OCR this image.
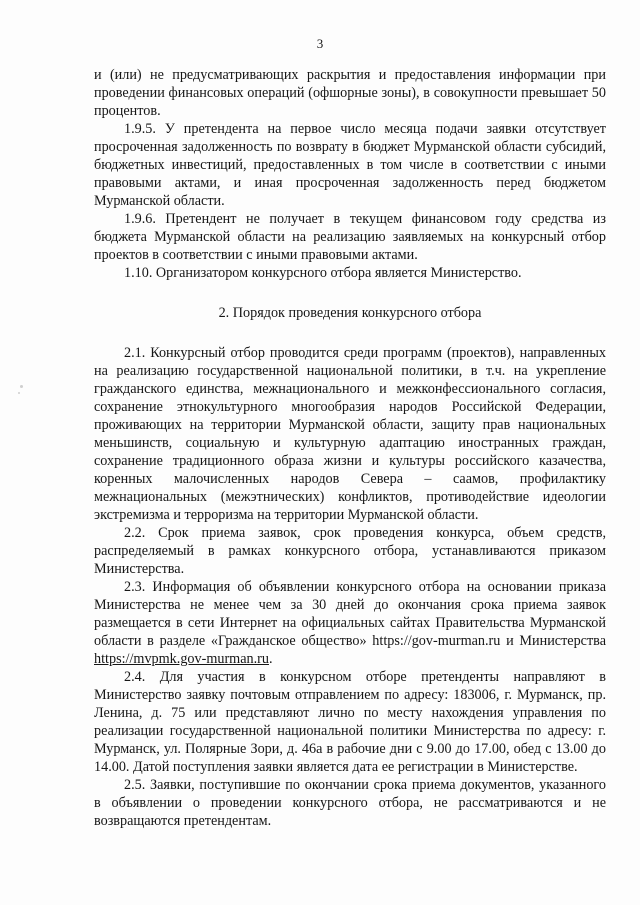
3

и (или) не предусматривающих раскрытия и предоставления информации при проведении финансовых операций (офшорные зоны), в совокупности превышает 50 процентов.

1.9.5. У претендента на первое число месяца подачи заявки отсутствует просроченная задолженность по возврату в бюджет Мурманской области субсидий, бюджетных инвестиций, предоставленных в том числе в соответствии с иными правовыми актами, и иная просроченная задолженность перед бюджетом Мурманской области.

1.9.6. Претендент не получает в текущем финансовом году средства из бюджета Мурманской области на реализацию заявляемых на конкурсный отбор проектов в соответствии с иными правовыми актами.

1.10. Организатором конкурсного отбора является Министерство.

2. Порядок проведения конкурсного отбора

2.1. Конкурсный отбор проводится среди программ (проектов), направленных на реализацию государственной национальной политики, в т.ч. на укрепление гражданского единства, межнационального и межконфессионального согласия, сохранение этнокультурного многообразия народов Российской Федерации, проживающих на территории Мурманской области, защиту прав национальных меньшинств, социальную и культурную адаптацию иностранных граждан, сохранение традиционного образа жизни и культуры российского казачества, коренных малочисленных народов Севера – саамов, профилактику межнациональных (межэтнических) конфликтов, противодействие идеологии экстремизма и терроризма на территории Мурманской области.

2.2. Срок приема заявок, срок проведения конкурса, объем средств, распределяемый в рамках конкурсного отбора, устанавливаются приказом Министерства.

2.3. Информация об объявлении конкурсного отбора на основании приказа Министерства не менее чем за 30 дней до окончания срока приема заявок размещается в сети Интернет на официальных сайтах Правительства Мурманской области в разделе «Гражданское общество» https://gov-murman.ru и Министерства https://mvpmk.gov-murman.ru.

2.4. Для участия в конкурсном отборе претенденты направляют в Министерство заявку почтовым отправлением по адресу: 183006, г. Мурманск, пр. Ленина, д. 75 или представляют лично по месту нахождения управления по реализации государственной национальной политики Министерства по адресу: г. Мурманск, ул. Полярные Зори, д. 46а в рабочие дни с 9.00 до 17.00, обед с 13.00 до 14.00. Датой поступления заявки является дата ее регистрации в Министерстве.

2.5. Заявки, поступившие по окончании срока приема документов, указанного в объявлении о проведении конкурсного отбора, не рассматриваются и не возвращаются претендентам.
